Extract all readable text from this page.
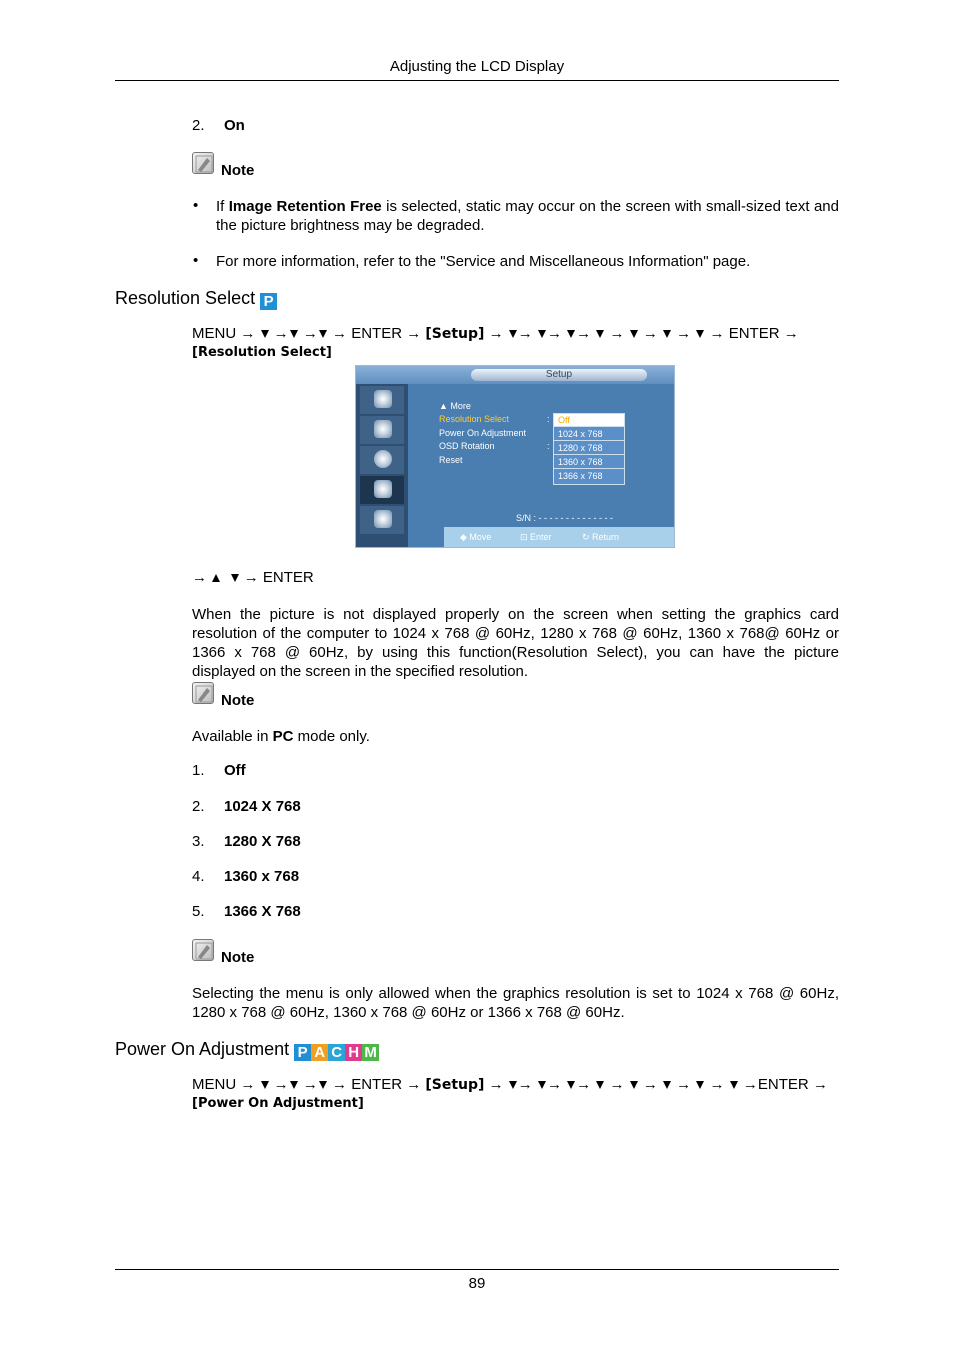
Adjusting the LCD Display
2. On
Note
• If Image Retention Free is selected, static may occur on the screen with small-sized text and the picture brightness may be degraded.
• For more information, refer to the "Service and Miscellaneous Information" page.
Resolution Select P
MENU →  → → → ENTER → [Setup] → → → →  →  →  →  → ENTER →
[Resolution Select]
Setup
▲ More
Resolution Select
Power On Adjustment
OSD Rotation
Reset
:
:
Off
1024 x 768
1280 x 768
1360 x 768
1366 x 768
S/N : - - - - - - - - - - - - - -
◆ Move	⊡ Enter	↻ Return
→    → ENTER
When the picture is not displayed properly on the screen when setting the graphics card resolution of the computer to 1024 x 768 @ 60Hz, 1280 x 768 @ 60Hz, 1360 x 768@ 60Hz or 1366 x 768 @ 60Hz, by using this function(Resolution Select), you can have the picture displayed on the screen in the specified resolution.
Note
Available in PC mode only.
1. Off
2. 1024 X 768
3. 1280 X 768
4. 1360 x 768
5. 1366 X 768
Note
Selecting the menu is only allowed when the graphics resolution is set to 1024 x 768 @ 60Hz, 1280 x 768 @ 60Hz, 1360 x 768 @ 60Hz or 1366 x 768 @ 60Hz.
Power On Adjustment P A C H M
MENU →  → → → ENTER → [Setup] → → → →  →  →  →  →  →ENTER →
[Power On Adjustment]
89
